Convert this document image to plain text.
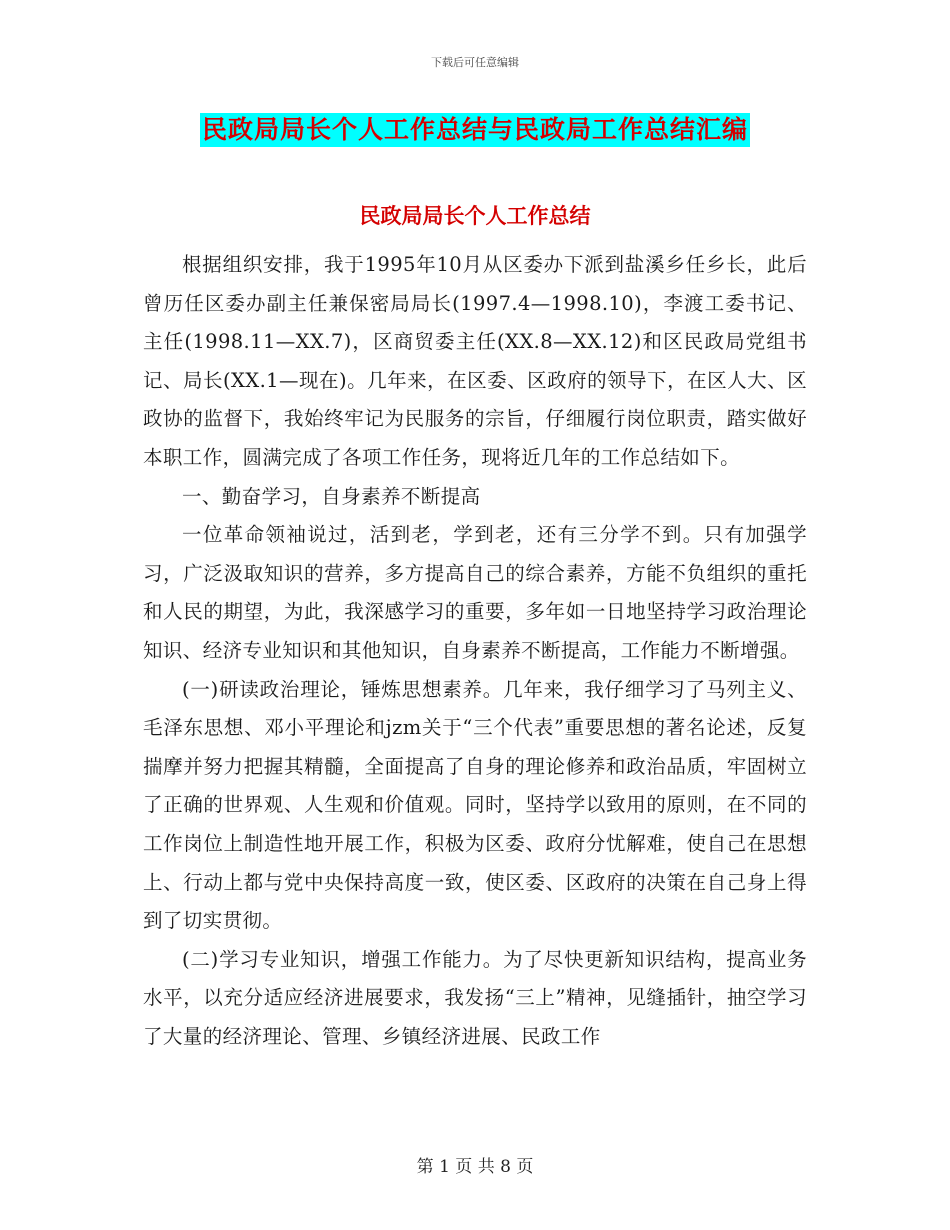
下载后可任意编辑
民政局局长个人工作总结与民政局工作总结汇编
民政局局长个人工作总结

根据组织安排，我于1995年10月从区委办下派到盐溪乡任乡长，此后曾历任区委办副主任兼保密局局长(1997.4—1998.10)，李渡工委书记、主任(1998.11—XX.7)，区商贸委主任(XX.8—XX.12)和区民政局党组书记、局长(XX.1—现在)。几年来，在区委、区政府的领导下，在区人大、区政协的监督下，我始终牢记为民服务的宗旨，仔细履行岗位职责，踏实做好本职工作，圆满完成了各项工作任务，现将近几年的工作总结如下。

一、勤奋学习，自身素养不断提高

一位革命领袖说过，活到老，学到老，还有三分学不到。只有加强学习，广泛汲取知识的营养，多方提高自己的综合素养，方能不负组织的重托和人民的期望，为此，我深感学习的重要，多年如一日地坚持学习政治理论知识、经济专业知识和其他知识，自身素养不断提高，工作能力不断增强。

(一)研读政治理论，锤炼思想素养。几年来，我仔细学习了马列主义、毛泽东思想、邓小平理论和jzm关于“三个代表”重要思想的著名论述，反复揣摩并努力把握其精髓，全面提高了自身的理论修养和政治品质，牢固树立了正确的世界观、人生观和价值观。同时，坚持学以致用的原则，在不同的工作岗位上制造性地开展工作，积极为区委、政府分忧解难，使自己在思想上、行动上都与党中央保持高度一致，使区委、区政府的决策在自己身上得到了切实贯彻。

(二)学习专业知识，增强工作能力。为了尽快更新知识结构，提高业务水平，以充分适应经济进展要求，我发扬“三上”精神，见缝插针，抽空学习了大量的经济理论、管理、乡镇经济进展、民政工作

第 1 页 共 8 页
